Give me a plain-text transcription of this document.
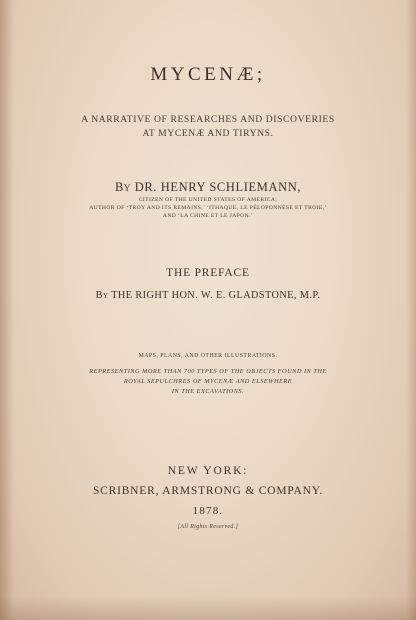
MYCENÆ;
A NARRATIVE OF RESEARCHES AND DISCOVERIES
AT MYCENÆ AND TIRYNS.
By DR. HENRY SCHLIEMANN,
CITIZEN OF THE UNITED STATES OF AMERICA;
AUTHOR OF ‘TROY AND ITS REMAINS,’ ‘ITHAQUE, LE PÉLOPONNÈSE ET TROIE,’
AND ‘LA CHINE ET LE JAPON.’
THE PREFACE
By THE RIGHT HON. W. E. GLADSTONE, M.P.
MAPS, PLANS, AND OTHER ILLUSTRATIONS.
REPRESENTING MORE THAN 700 TYPES OF THE OBJECTS FOUND IN THE
ROYAL SEPULCHRES OF MYCENÆ AND ELSEWHERE
IN THE EXCAVATIONS.
NEW YORK:
SCRIBNER, ARMSTRONG & COMPANY.
1878.
[All Rights Reserved.]
